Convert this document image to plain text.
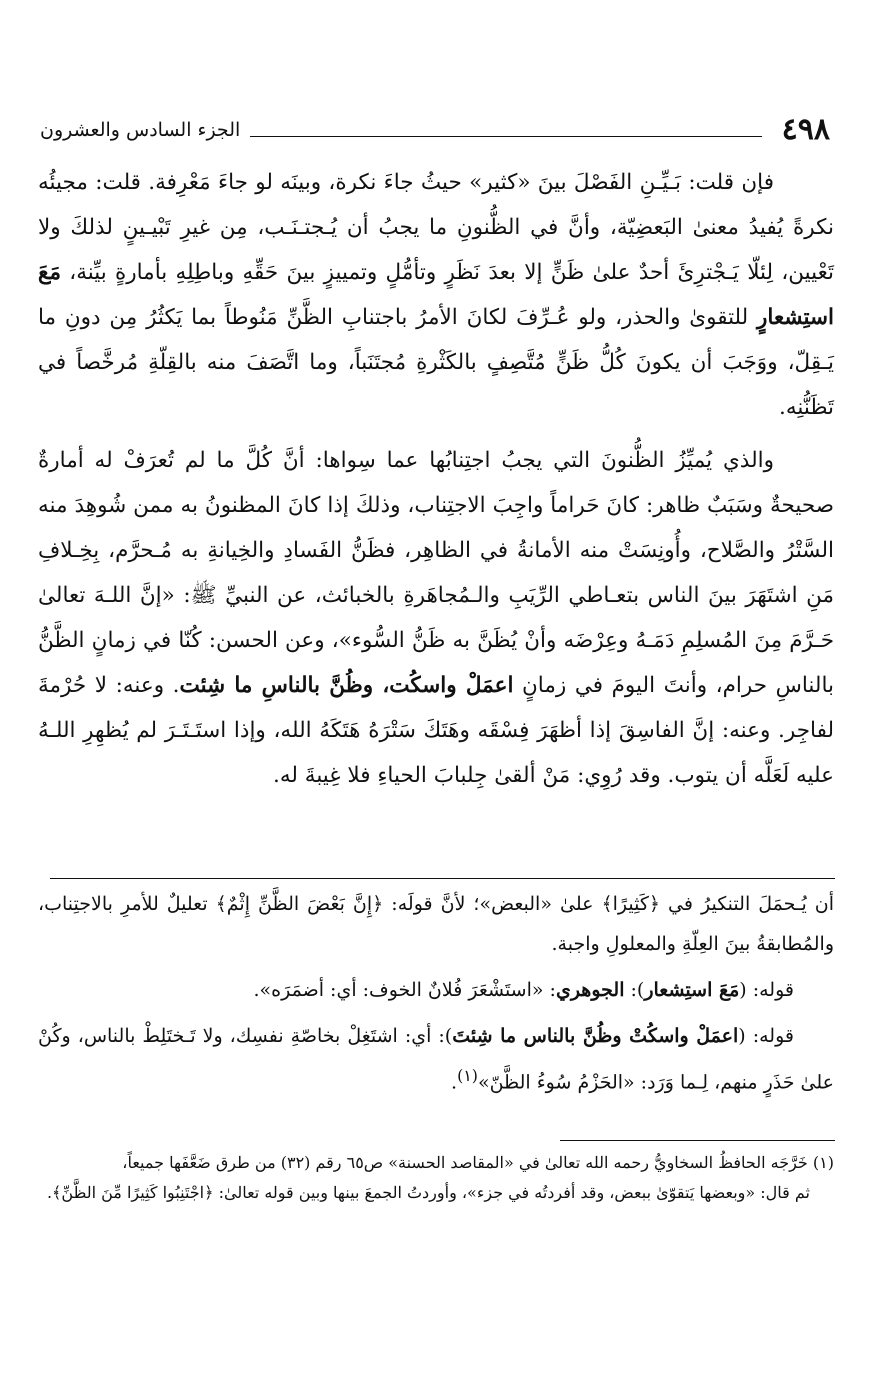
٤٩٨
الجزء السادس والعشرون

فإن قلت: بَـيِّـنِ الفَصْلَ بينَ «كثير» حيثُ جاءَ نكرة، وبينَه لو جاءَ مَعْرِفة. قلت: مجيئُه نكرةً يُفيدُ معنىٰ البَعضِيّة، وأنَّ في الظُّنونِ ما يجبُ أن يُـجتـنَـب، مِن غيرِ تَبْيـينٍ لذلكَ ولا تَعْيين، لِئلّا يَـجْترِئَ أحدٌ علىٰ ظَنٍّ إلا بعدَ نَظَرٍ وتأمُّلٍ وتمييزٍ بينَ حَقِّهِ وباطِلِهِ بأمارةٍ بيِّنة، مَعَ استِشعارٍ للتقوىٰ والحذر، ولو عُـرِّفَ لكانَ الأمرُ باجتنابِ الظَّنِّ مَنُوطاً بما يَكثُرُ مِن دونِ ما يَـقِلّ، ووَجَبَ أن يكونَ كُلُّ ظَنٍّ مُتَّصِفٍ بالكَثْرةِ مُجتَنَباً، وما اتَّصَفَ منه بالقِلّةِ مُرخَّصاً في تَظَنُّنِه.

والذي يُميِّزُ الظُّنونَ التي يجبُ اجتِنابُها عما سِواها: أنَّ كُلَّ ما لم تُعرَفْ له أمارةٌ صحيحةٌ وسَبَبٌ ظاهر: كانَ حَراماً واجِبَ الاجتِناب، وذلكَ إذا كانَ المظنونُ به ممن شُوهِدَ منه السَّتْرُ والصَّلاح، وأُونِسَتْ منه الأمانةُ في الظاهِر، فظَنُّ الفَسادِ والخِيانةِ به مُـحرَّم، بِخِـلافِ مَنِ اشتَهَرَ بينَ الناس بتعـاطي الرِّيَبِ والـمُجاهَرةِ بالخبائث، عن النبيِّ ﷺ: «إنَّ اللـهَ تعالىٰ حَـرَّمَ مِنَ المُسلِمِ دَمَـهُ وعِرْضَه وأنْ يُظَنَّ به ظَنُّ السُّوء»، وعن الحسن: كُنّا في زمانٍ الظَّنُّ بالناسِ حرام، وأنتَ اليومَ في زمانٍ اعمَلْ واسكُت، وظُنَّ بالناسِ ما شِئت. وعنه: لا حُرْمةَ لفاجِر. وعنه: إنَّ الفاسِقَ إذا أظهَرَ فِسْقَه وهَتَكَ سَتْرَهُ هَتَكَهُ الله، وإذا استَـتَـرَ لم يُظهِرِ اللـهُ عليه لَعَلَّه أن يتوب. وقد رُوِي: مَنْ ألقىٰ جِلبابَ الحياءِ فلا غِيبةَ له.

أن يُـحمَلَ التنكيرُ في ﴿كَثِيرًا﴾ علىٰ «البعض»؛ لأنَّ قولَه: ﴿إِنَّ بَعْضَ الظَّنِّ إِثْمٌ﴾ تعليلٌ للأمرِ بالاجتِناب، والمُطابقةُ بينَ العِلّةِ والمعلولِ واجبة.

قوله: (مَعَ استِشعار): الجوهري: «استَشْعَرَ فُلانٌ الخوف: أي: أضمَرَه».

قوله: (اعمَلْ واسكُتْ وظُنَّ بالناس ما شِئتَ): أي: اشتَغِلْ بخاصّةِ نفسِك، ولا تَـختَلِطْ بالناس، وكُنْ علىٰ حَذَرٍ منهم، لِـما وَرَد: «الحَزْمُ سُوءُ الظَّنّ»$^{(١)}$.

(١) خَرَّجَه الحافظُ السخاويُّ رحمه الله تعالىٰ في «المقاصد الحسنة» ص٦٥ رقم (٣٢) من طرق ضَعَّفَها جميعاً،

ثم قال: «وبعضها يَتقوّىٰ ببعض، وقد أفردتُه في جزء»، وأوردتُ الجمعَ بينها وبين قوله تعالىٰ: ﴿اجْتَنِبُوا كَثِيرًا مِّنَ الظَّنِّ﴾.
